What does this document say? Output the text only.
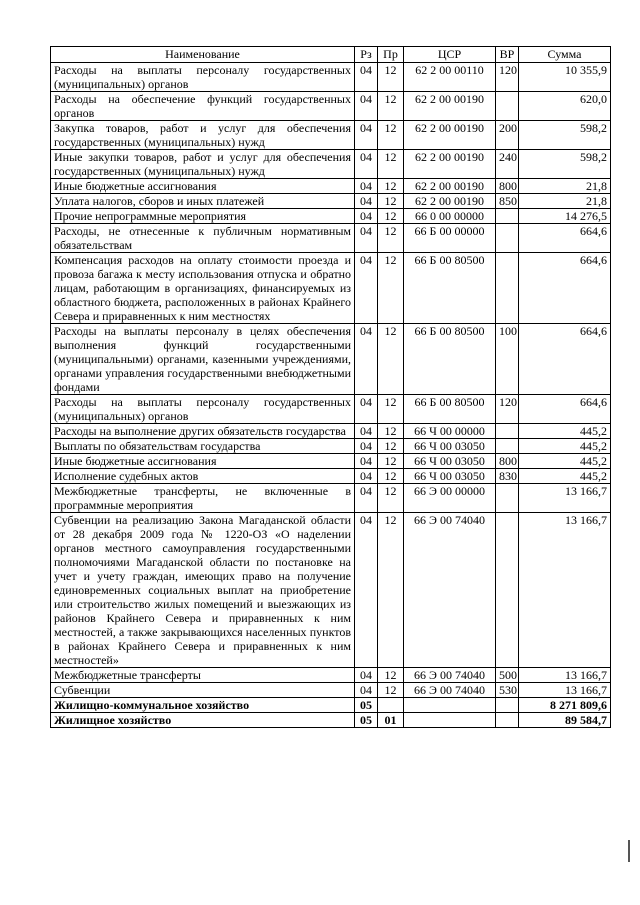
Наименование	Рз	Пр	ЦСР	ВР	Сумма
Расходы на выплаты персоналу государственных (муниципальных) органов	04	12	62 2 00 00110	120	10 355,9
Расходы на обеспечение функций государственных органов	04	12	62 2 00 00190		620,0
Закупка товаров, работ и услуг для обеспечения государственных (муниципальных) нужд	04	12	62 2 00 00190	200	598,2
Иные закупки товаров, работ и услуг для обеспечения государственных (муниципальных) нужд	04	12	62 2 00 00190	240	598,2
Иные бюджетные ассигнования	04	12	62 2 00 00190	800	21,8
Уплата налогов, сборов и иных платежей	04	12	62 2 00 00190	850	21,8
Прочие непрограммные мероприятия	04	12	66 0 00 00000		14 276,5
Расходы, не отнесенные к публичным нормативным обязательствам	04	12	66 Б 00 00000		664,6
Компенсация расходов на оплату стоимости проезда и провоза багажа к месту использования отпуска и обратно лицам, работающим в организациях, финансируемых из областного бюджета, расположенных в районах Крайнего Севера и приравненных к ним местностях	04	12	66 Б 00 80500		664,6
Расходы на выплаты персоналу в целях обеспечения выполнения функций государственными (муниципальными) органами, казенными учреждениями, органами управления государственными внебюджетными фондами	04	12	66 Б 00 80500	100	664,6
Расходы на выплаты персоналу государственных (муниципальных) органов	04	12	66 Б 00 80500	120	664,6
Расходы на выполнение других обязательств государства	04	12	66 Ч 00 00000		445,2
Выплаты по обязательствам государства	04	12	66 Ч 00 03050		445,2
Иные бюджетные ассигнования	04	12	66 Ч 00 03050	800	445,2
Исполнение судебных актов	04	12	66 Ч 00 03050	830	445,2
Межбюджетные трансферты, не включенные в программные мероприятия	04	12	66 Э 00 00000		13 166,7
Субвенции на реализацию Закона Магаданской области от 28 декабря 2009 года № 1220-ОЗ «О наделении органов местного самоуправления государственными полномочиями Магаданской области по постановке на учет и учету граждан, имеющих право на получение единовременных социальных выплат на приобретение или строительство жилых помещений и выезжающих из районов Крайнего Севера и приравненных к ним местностей, а также закрывающихся населенных пунктов в районах Крайнего Севера и приравненных к ним местностей»	04	12	66 Э 00 74040		13 166,7
Межбюджетные трансферты	04	12	66 Э 00 74040	500	13 166,7
Субвенции	04	12	66 Э 00 74040	530	13 166,7
Жилищно-коммунальное хозяйство	05				8 271 809,6
Жилищное хозяйство	05	01			89 584,7
